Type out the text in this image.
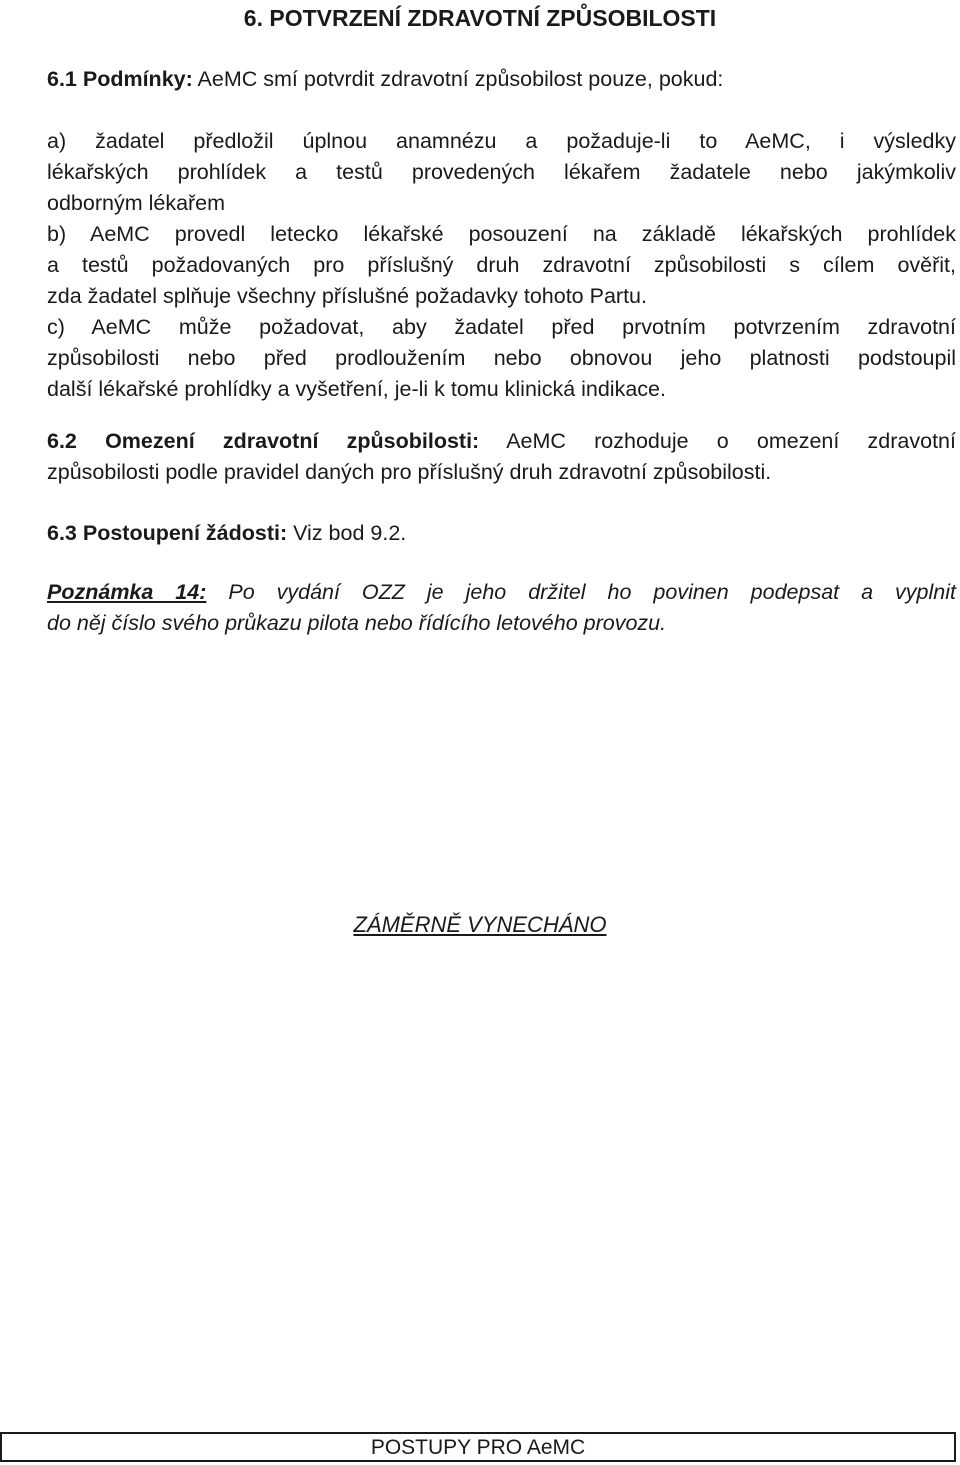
6. POTVRZENÍ ZDRAVOTNÍ ZPŮSOBILOSTI
6.1 Podmínky: AeMC smí potvrdit zdravotní způsobilost pouze, pokud:
a) žadatel předložil úplnou anamnézu a požaduje-li to AeMC, i výsledky
lékařských prohlídek a testů provedených lékařem žadatele nebo jakýmkoliv
odborným lékařem
b) AeMC provedl letecko lékařské posouzení na základě lékařských prohlídek
a testů požadovaných pro příslušný druh zdravotní způsobilosti s cílem ověřit,
zda žadatel splňuje všechny příslušné požadavky tohoto Partu.
c) AeMC může požadovat, aby žadatel před prvotním potvrzením zdravotní
způsobilosti nebo před prodloužením nebo obnovou jeho platnosti podstoupil
další lékařské prohlídky a vyšetření, je-li k tomu klinická indikace.
6.2 Omezení zdravotní způsobilosti: AeMC rozhoduje o omezení zdravotní
způsobilosti podle pravidel daných pro příslušný druh zdravotní způsobilosti.
6.3 Postoupení žádosti: Viz bod 9.2.
Poznámka 14: Po vydání OZZ je jeho držitel ho povinen podepsat a vyplnit
do něj číslo svého průkazu pilota nebo řídícího letového provozu.
ZÁMĚRNĚ VYNECHÁNO
POSTUPY PRO AeMC
